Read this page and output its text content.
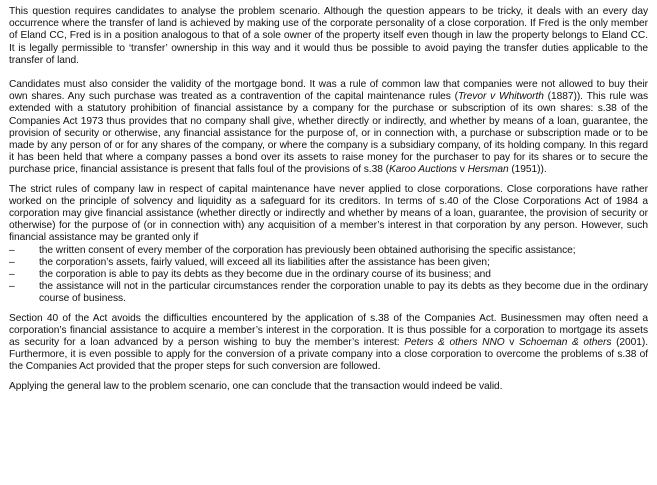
This question requires candidates to analyse the problem scenario. Although the question appears to be tricky, it deals with an every day occurrence where the transfer of land is achieved by making use of the corporate personality of a close corporation. If Fred is the only member of Eland CC, Fred is in a position analogous to that of a sole owner of the property itself even though in law the property belongs to Eland CC. It is legally permissible to ‘transfer’ ownership in this way and it would thus be possible to avoid paying the transfer duties applicable to the transfer of land.

Candidates must also consider the validity of the mortgage bond. It was a rule of common law that companies were not allowed to buy their own shares. Any such purchase was treated as a contravention of the capital maintenance rules (Trevor v Whitworth (1887)). This rule was extended with a statutory prohibition of financial assistance by a company for the purchase or subscription of its own shares: s.38 of the Companies Act 1973 thus provides that no company shall give, whether directly or indirectly, and whether by means of a loan, guarantee, the provision of security or otherwise, any financial assistance for the purpose of, or in connection with, a purchase or subscription made or to be made by any person of or for any shares of the company, or where the company is a subsidiary company, of its holding company. In this regard it has been held that where a company passes a bond over its assets to raise money for the purchaser to pay for its shares or to secure the purchase price, financial assistance is present that falls foul of the provisions of s.38 (Karoo Auctions v Hersman (1951)).

The strict rules of company law in respect of capital maintenance have never applied to close corporations. Close corporations have rather worked on the principle of solvency and liquidity as a safeguard for its creditors. In terms of s.40 of the Close Corporations Act of 1984 a corporation may give financial assistance (whether directly or indirectly and whether by means of a loan, guarantee, the provision of security or otherwise) for the purpose of (or in connection with) any acquisition of a member’s interest in that corporation by any person. However, such financial assistance may be granted only if

–	the written consent of every member of the corporation has previously been obtained authorising the specific assistance;
–	the corporation’s assets, fairly valued, will exceed all its liabilities after the assistance has been given;
–	the corporation is able to pay its debts as they become due in the ordinary course of its business; and
–	the assistance will not in the particular circumstances render the corporation unable to pay its debts as they become due in the ordinary course of business.

Section 40 of the Act avoids the difficulties encountered by the application of s.38 of the Companies Act. Businessmen may often need a corporation’s financial assistance to acquire a member’s interest in the corporation. It is thus possible for a corporation to mortgage its assets as security for a loan advanced by a person wishing to buy the member’s interest: Peters & others NNO v Schoeman & others (2001). Furthermore, it is even possible to apply for the conversion of a private company into a close corporation to overcome the problems of s.38 of the Companies Act provided that the proper steps for such conversion are followed.

Applying the general law to the problem scenario, one can conclude that the transaction would indeed be valid.
